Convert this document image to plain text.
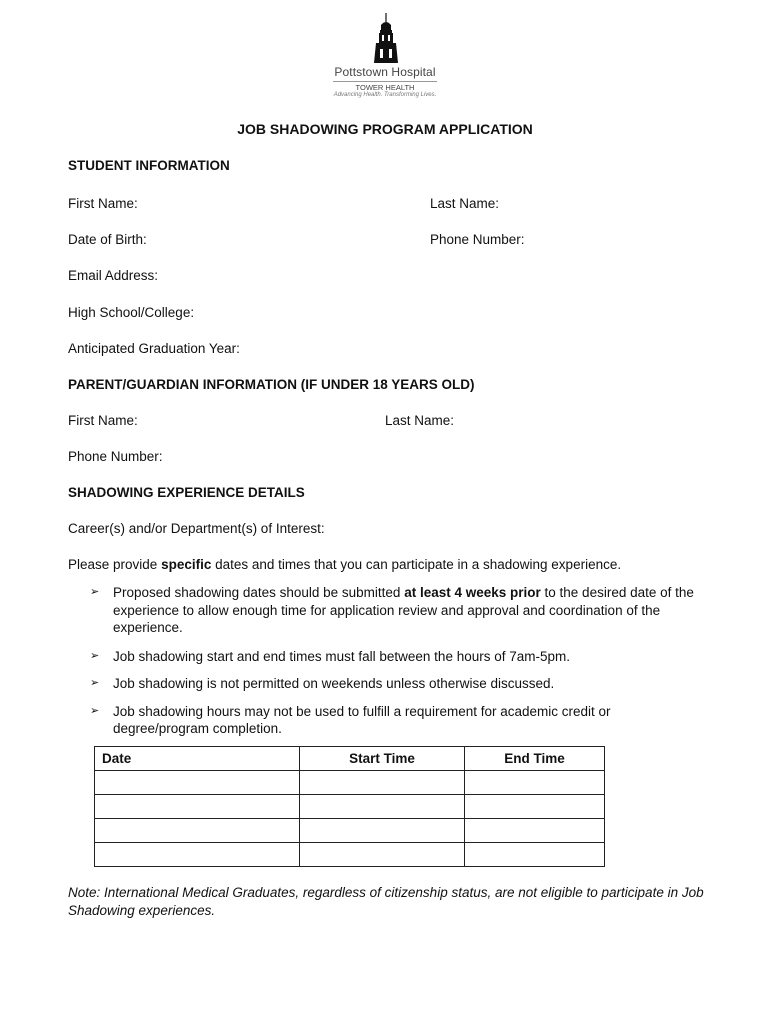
Pottstown Hospital
TOWER HEALTH
Advancing Health. Transforming Lives.
JOB SHADOWING PROGRAM APPLICATION
STUDENT INFORMATION
First Name:	Last Name:
Date of Birth:	Phone Number:
Email Address:
High School/College:
Anticipated Graduation Year:
PARENT/GUARDIAN INFORMATION (IF UNDER 18 YEARS OLD)
First Name:	Last Name:
Phone Number:
SHADOWING EXPERIENCE DETAILS
Career(s) and/or Department(s) of Interest:
Please provide specific dates and times that you can participate in a shadowing experience.
➢ Proposed shadowing dates should be submitted at least 4 weeks prior to the desired date of the experience to allow enough time for application review and approval and coordination of the experience.
➢ Job shadowing start and end times must fall between the hours of 7am-5pm.
➢ Job shadowing is not permitted on weekends unless otherwise discussed.
➢ Job shadowing hours may not be used to fulfill a requirement for academic credit or degree/program completion.
Date	Start Time	End Time

Note: International Medical Graduates, regardless of citizenship status, are not eligible to participate in Job Shadowing experiences.
